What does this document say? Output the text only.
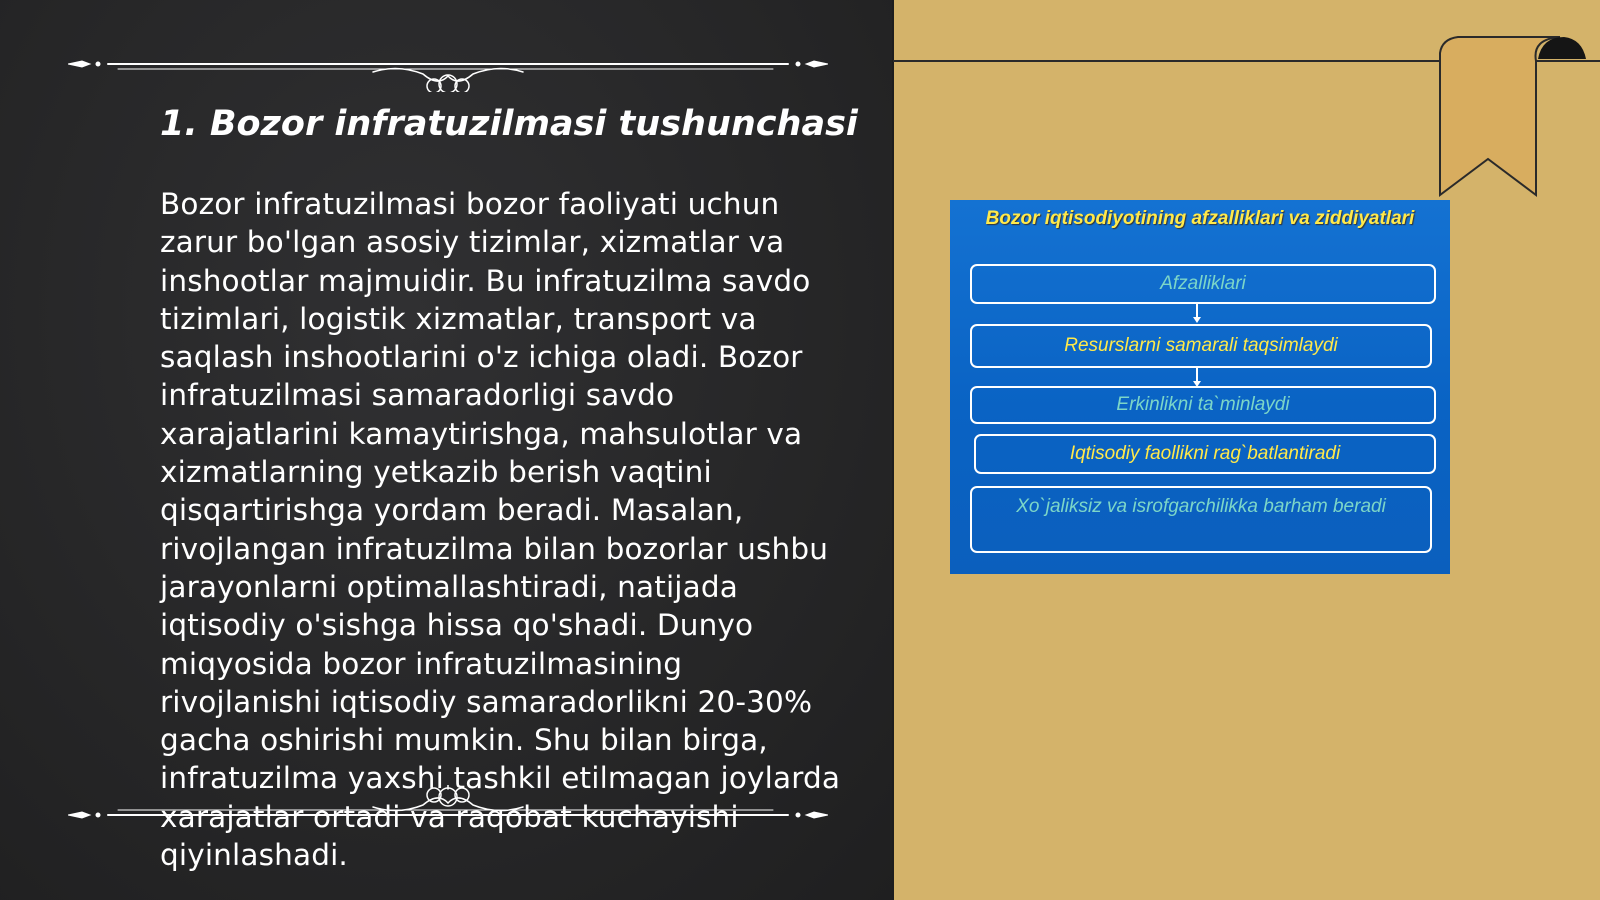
1. Bozor infratuzilmasi tushunchasi

Bozor infratuzilmasi bozor faoliyati uchun zarur bo'lgan asosiy tizimlar, xizmatlar va inshootlar majmuidir. Bu infratuzilma savdo tizimlari, logistik xizmatlar, transport va saqlash inshootlarini o'z ichiga oladi. Bozor infratuzilmasi samaradorligi savdo xarajatlarini kamaytirishga, mahsulotlar va xizmatlarning yetkazib berish vaqtini qisqartirishga yordam beradi. Masalan, rivojlangan infratuzilma bilan bozorlar ushbu jarayonlarni optimallashtiradi, natijada iqtisodiy o'sishga hissa qo'shadi. Dunyo miqyosida bozor infratuzilmasining rivojlanishi iqtisodiy samaradorlikni 20-30% gacha oshirishi mumkin. Shu bilan birga, infratuzilma yaxshi tashkil etilmagan joylarda xarajatlar ortadi va raqobat kuchayishi qiyinlashadi.

Bozor iqtisodiyotining afzalliklari va ziddiyatlari

Afzalliklari
Resurslarni samarali taqsimlaydi
Erkinlikni ta`minlaydi
Iqtisodiy faollikni rag`batlantiradi
Xo`jaliksiz va isrofgarchilikka barham beradi
